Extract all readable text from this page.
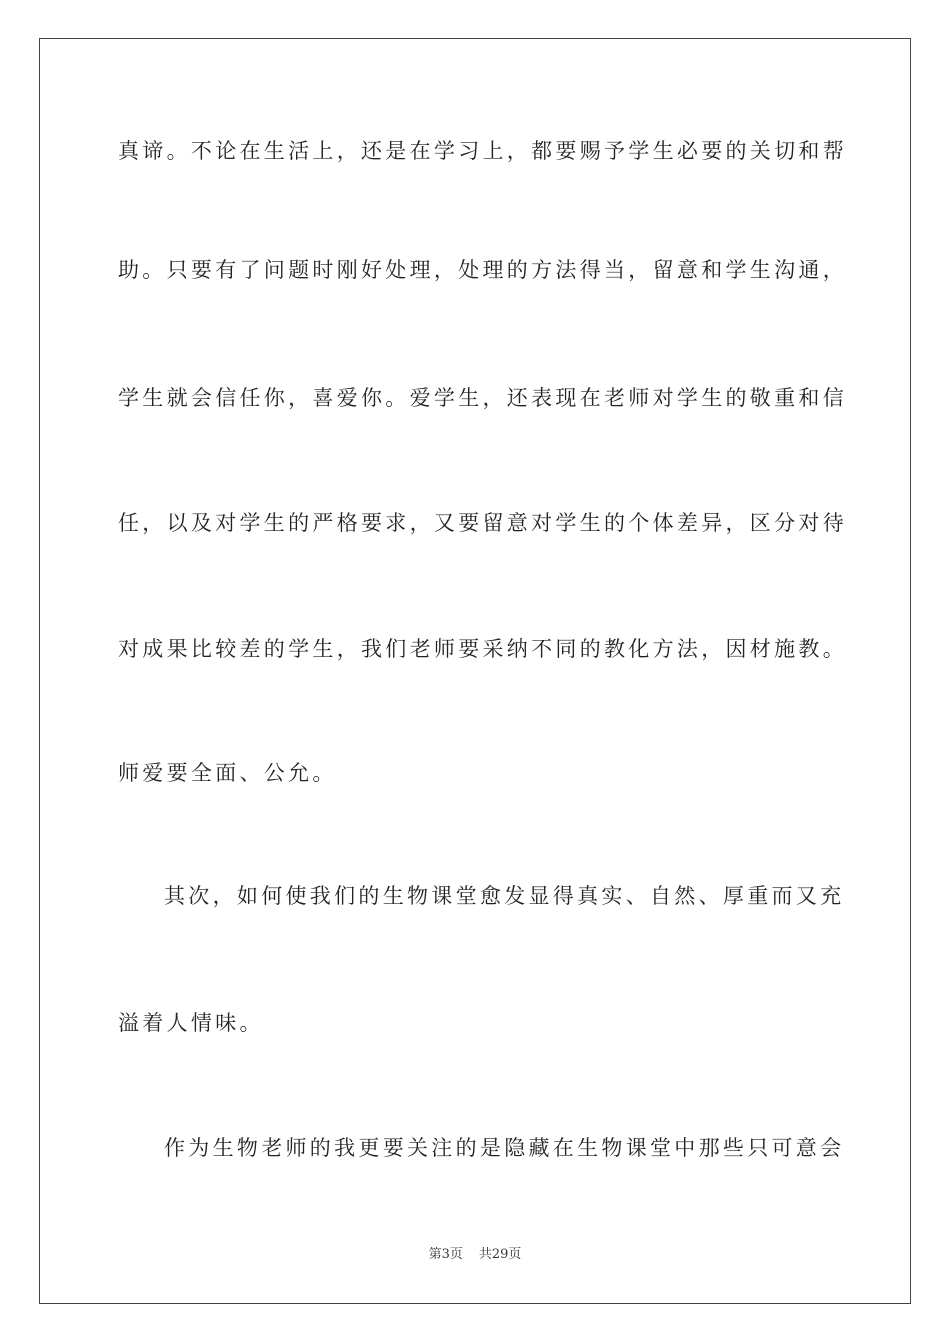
真谛。不论在生活上，还是在学习上，都要赐予学生必要的关切和帮
助。只要有了问题时刚好处理，处理的方法得当，留意和学生沟通，
学生就会信任你，喜爱你。爱学生，还表现在老师对学生的敬重和信
任，以及对学生的严格要求，又要留意对学生的个体差异，区分对待
对成果比较差的学生，我们老师要采纳不同的教化方法，因材施教。
师爱要全面、公允。
其次，如何使我们的生物课堂愈发显得真实、自然、厚重而又充
溢着人情味。
作为生物老师的我更要关注的是隐藏在生物课堂中那些只可意会
第3页 共29页
